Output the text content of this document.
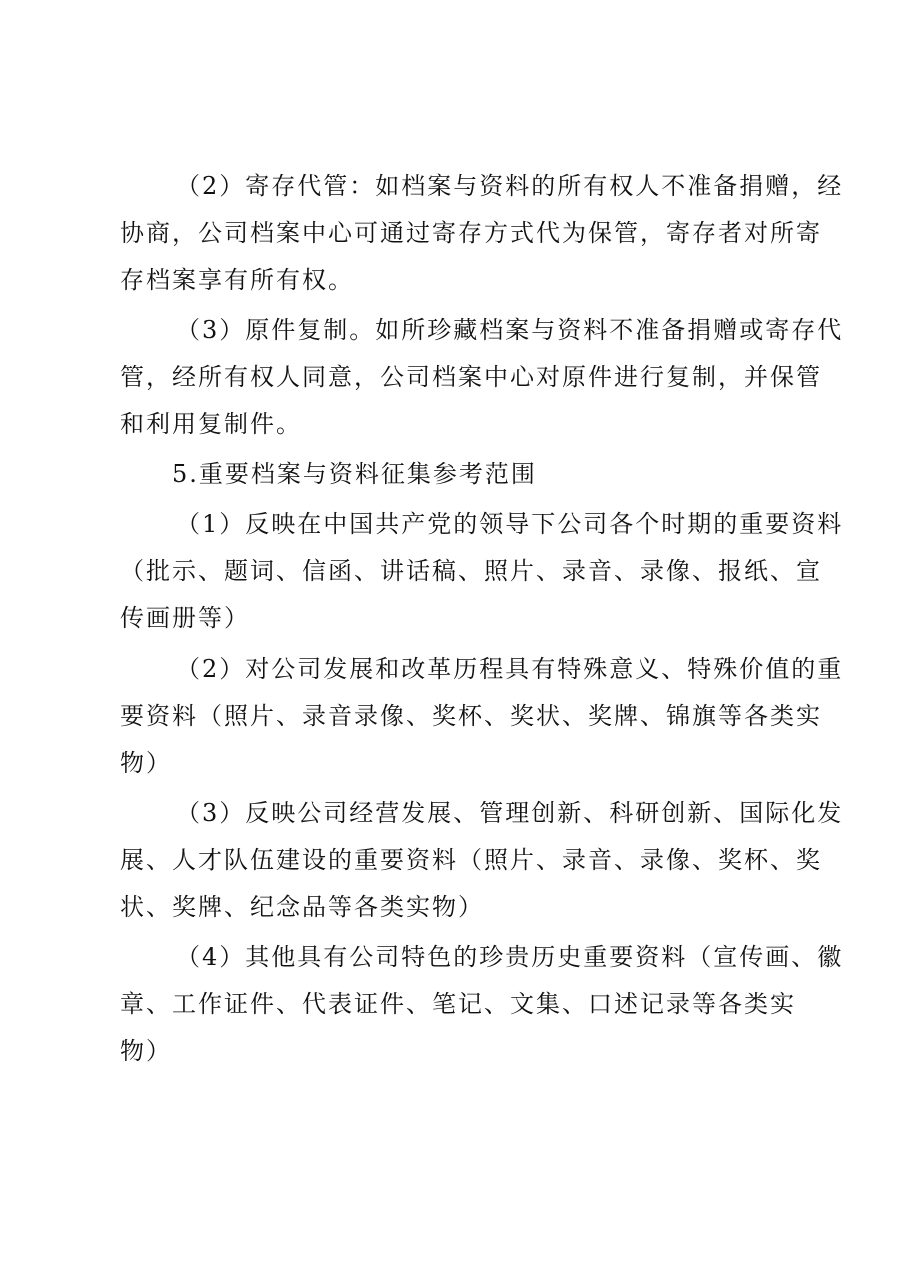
（2）寄存代管：如档案与资料的所有权人不准备捐赠，经
协商，公司档案中心可通过寄存方式代为保管，寄存者对所寄
存档案享有所有权。
（3）原件复制。如所珍藏档案与资料不准备捐赠或寄存代
管，经所有权人同意，公司档案中心对原件进行复制，并保管
和利用复制件。
5.重要档案与资料征集参考范围
（1）反映在中国共产党的领导下公司各个时期的重要资料
（批示、题词、信函、讲话稿、照片、录音、录像、报纸、宣
传画册等）
（2）对公司发展和改革历程具有特殊意义、特殊价值的重
要资料（照片、录音录像、奖杯、奖状、奖牌、锦旗等各类实
物）
（3）反映公司经营发展、管理创新、科研创新、国际化发
展、人才队伍建设的重要资料（照片、录音、录像、奖杯、奖
状、奖牌、纪念品等各类实物）
（4）其他具有公司特色的珍贵历史重要资料（宣传画、徽
章、工作证件、代表证件、笔记、文集、口述记录等各类实
物）
